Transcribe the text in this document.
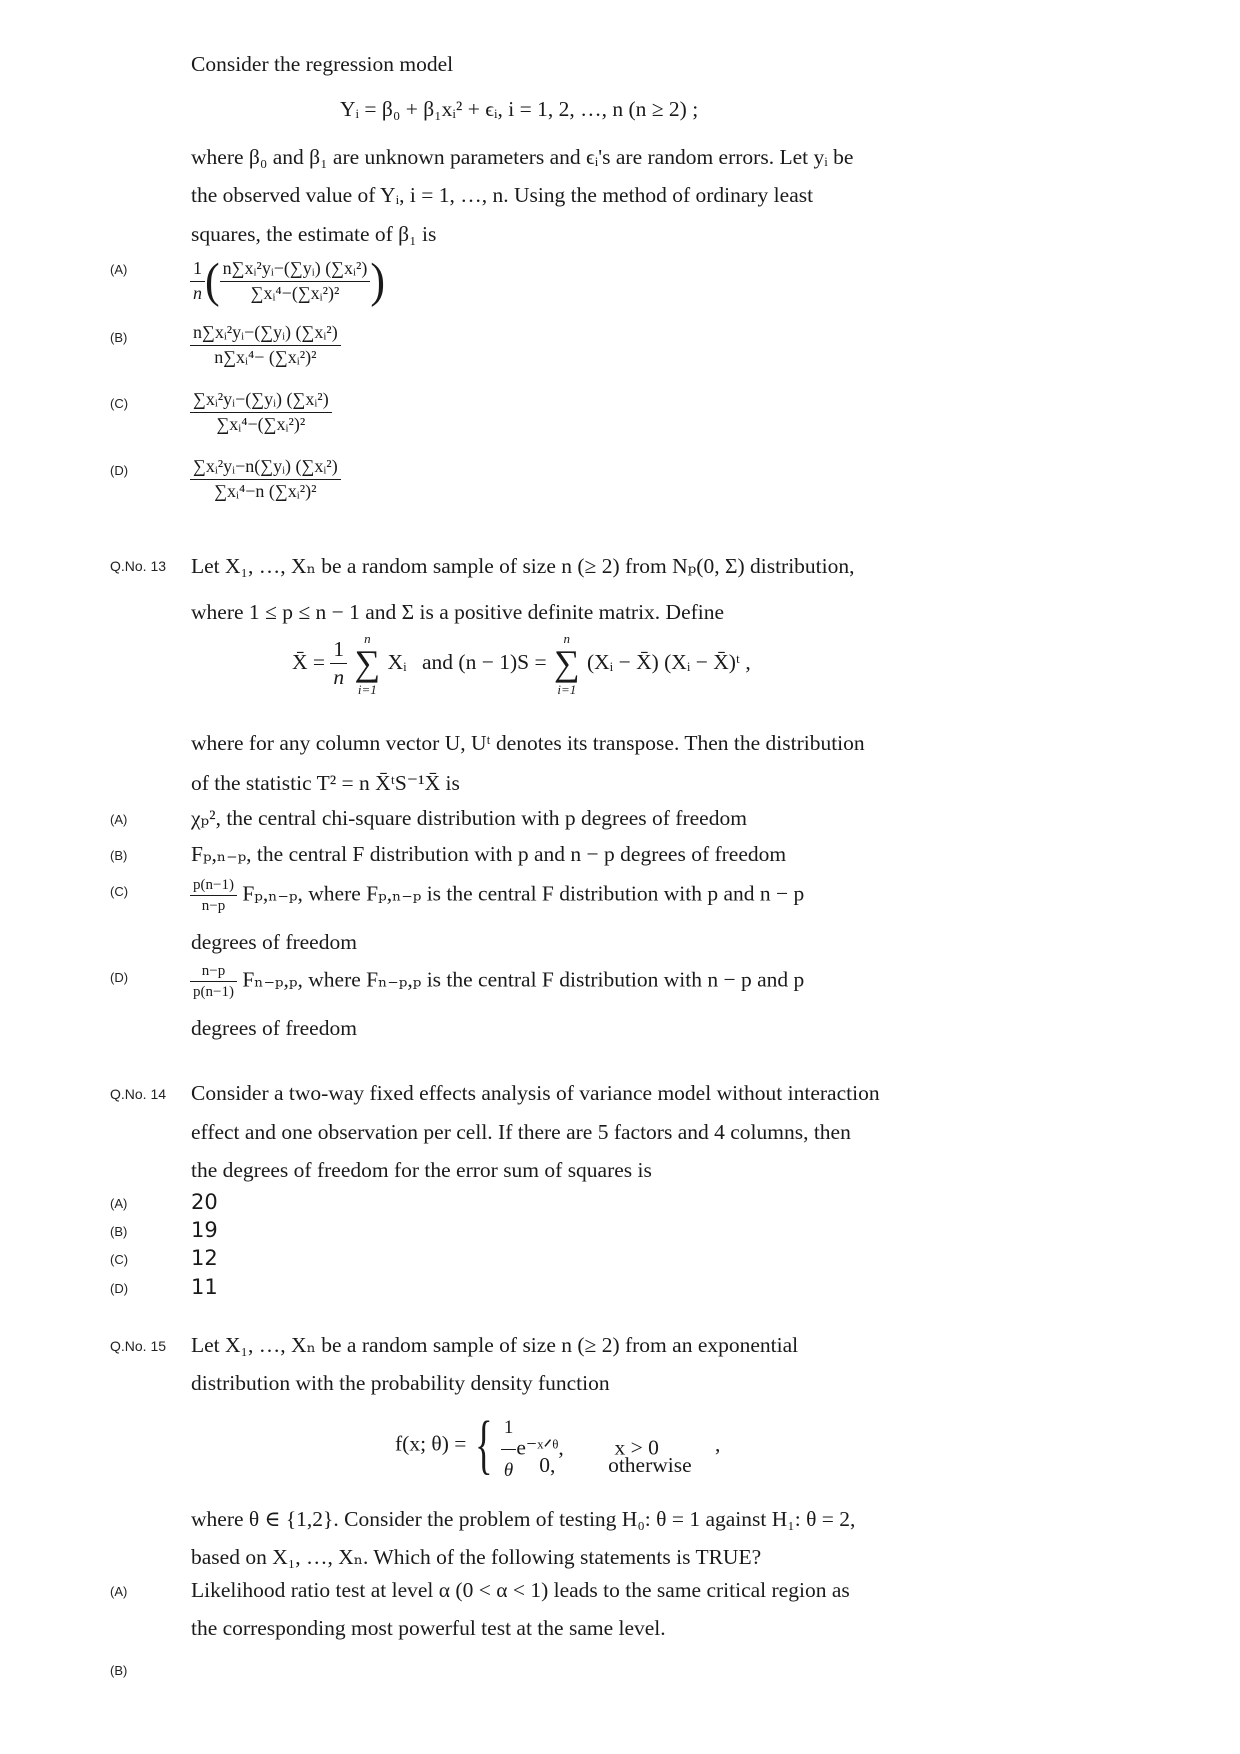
Consider the regression model
Yᵢ = β₀ + β₁xᵢ² + ϵᵢ, i = 1, 2, …, n (n ≥ 2) ;
where β₀ and β₁ are unknown parameters and ϵᵢ's are random errors. Let yᵢ be
the observed value of Yᵢ, i = 1, …, n. Using the method of ordinary least
squares, the estimate of β₁ is
(A)	$\frac{1}{n}$ ( $\frac{\text{n∑xᵢ²yᵢ−(∑yᵢ) (∑xᵢ²)}}{\text{∑xᵢ⁴−(∑xᵢ²)²}}$ )
(B)	$\frac{\text{n∑xᵢ²yᵢ−(∑yᵢ) (∑xᵢ²)}}{\text{n∑xᵢ⁴− (∑xᵢ²)²}}$
(C)	$\frac{\text{∑xᵢ²yᵢ−(∑yᵢ) (∑xᵢ²)}}{\text{∑xᵢ⁴−(∑xᵢ²)²}}$
(D)	$\frac{\text{∑xᵢ²yᵢ−n(∑yᵢ) (∑xᵢ²)}}{\text{∑xᵢ⁴−n (∑xᵢ²)²}}$
Q.No. 13 Let X₁, …, Xₙ be a random sample of size n (≥ 2) from Nₚ(0, Σ) distribution,
where 1 ≤ p ≤ n − 1 and Σ is a positive definite matrix. Define
X̄ = $\frac{1}{n}$
	n
∑
i=1
Xᵢ and (n − 1)S =
n
∑
i=1
(Xᵢ − X̄) (Xᵢ − X̄)ᵗ ,
where for any column vector U, Uᵗ denotes its transpose. Then the distribution
of the statistic T² = n X̄ᵗS⁻¹X̄ is
(A)	χₚ², the central chi-square distribution with p degrees of freedom
(B)	Fₚ,ₙ₋ₚ, the central F distribution with p and n − p degrees of freedom
(C)	$\frac{p(n-1)}{n-p} F_p,_{n-p}$, where Fₚ,ₙ₋ₚ is the central F distribution with p and n − p
degrees of freedom
(D)	$\frac{n-p}{p(n-1)} F_{n-p},_p$, where Fₙ₋ₚ,ₚ is the central F distribution with n − p and p
degrees of freedom
Q.No. 14 Consider a two-way fixed effects analysis of variance model without interaction
effect and one observation per cell. If there are 5 factors and 4 columns, then
the degrees of freedom for the error sum of squares is
(A)	20
(B)	19
(C)	12
(D)	11
Q.No. 15 Let X₁, …, Xₙ be a random sample of size n (≥ 2) from an exponential
distribution with the probability density function
f(x; θ) = { $\frac{1}{\theta}$ e⁻ˣᐟᶿ, x > 0
0, otherwise
,
where θ ∈ {1,2}. Consider the problem of testing H₀: θ = 1 against H₁: θ = 2,
based on X₁, …, Xₙ. Which of the following statements is TRUE?
(A)	Likelihood ratio test at level α (0 < α < 1) leads to the same critical region as
the corresponding most powerful test at the same level.
(B)
